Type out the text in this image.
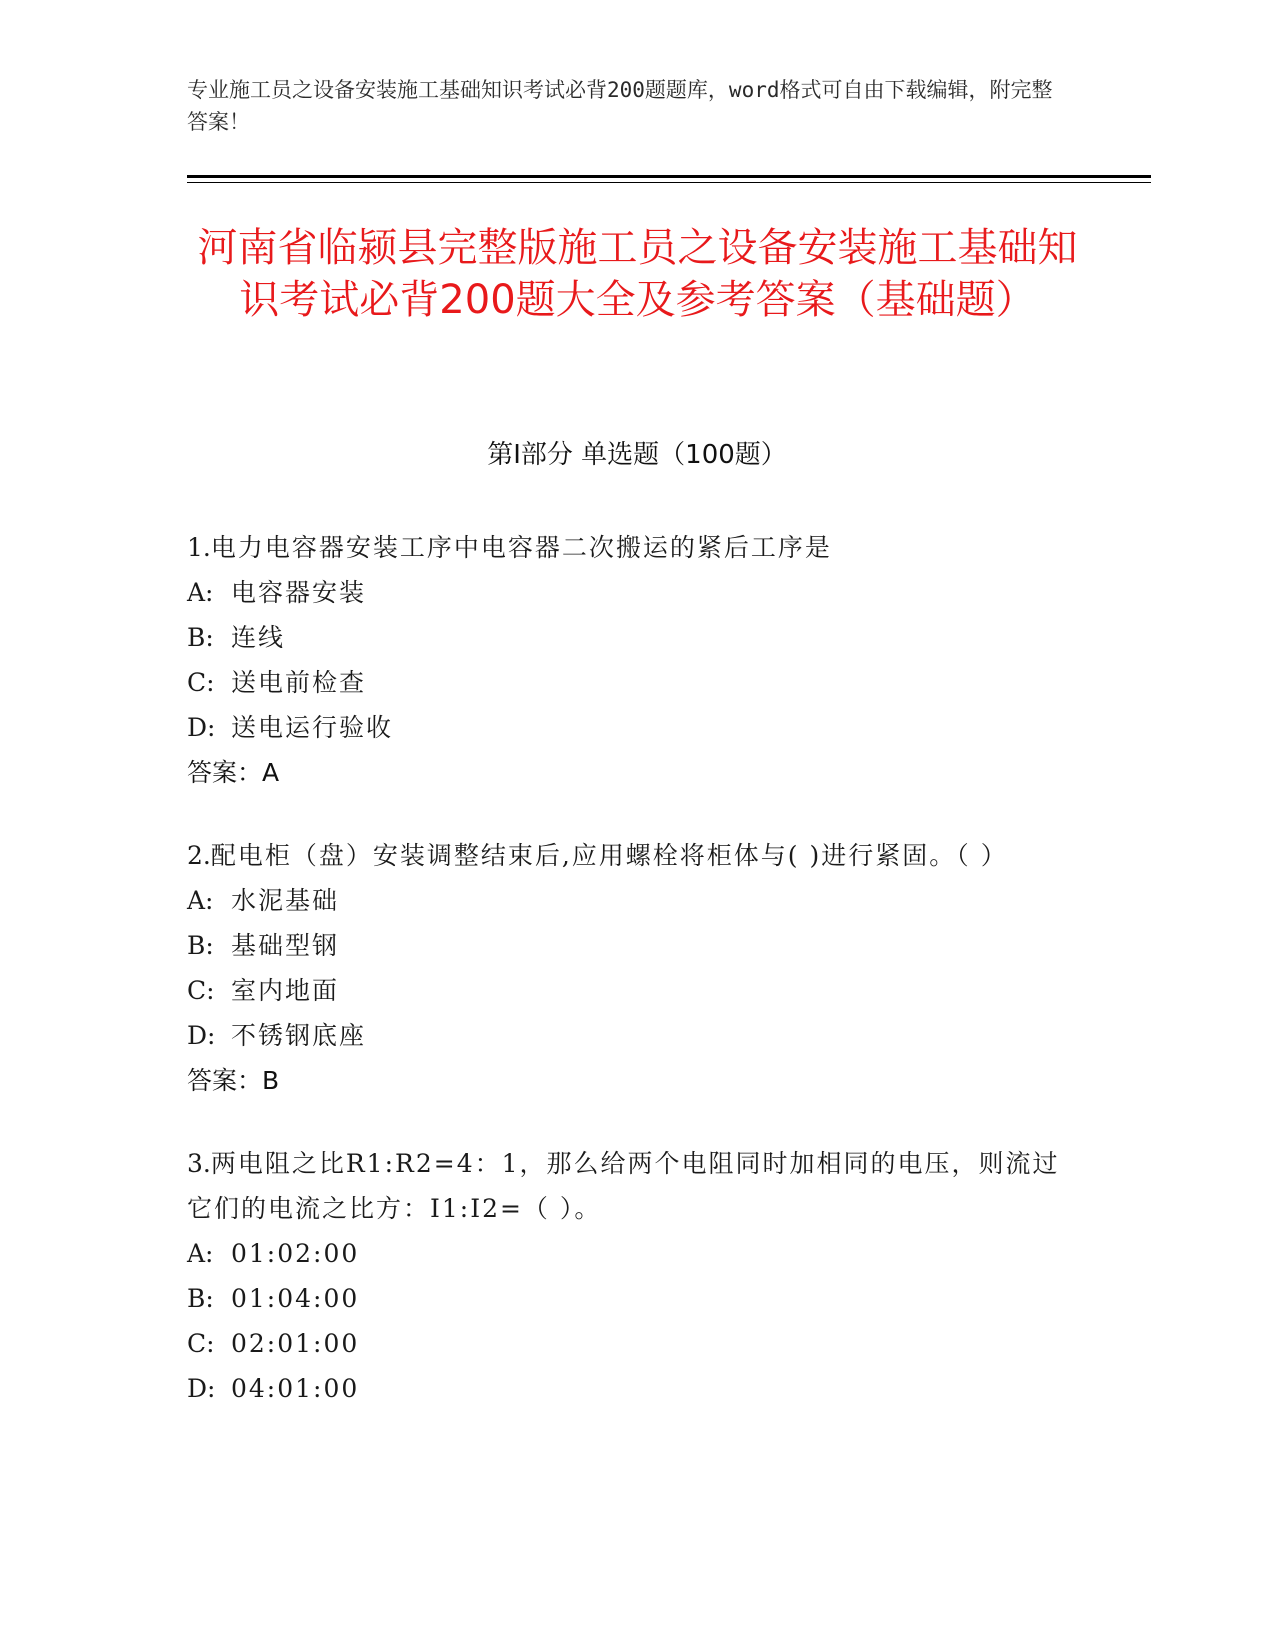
专业施工员之设备安装施工基础知识考试必背200题题库，word格式可自由下载编辑，附完整答案！
河南省临颍县完整版施工员之设备安装施工基础知识考试必背200题大全及参考答案（基础题）
第Ⅰ部分 单选题（100题）

1.电力电容器安装工序中电容器二次搬运的紧后工序是

A: 电容器安装

B: 连线

C: 送电前检查

D: 送电运行验收

答案：A

2.配电柜（盘）安装调整结束后,应用螺栓将柜体与( )进行紧固。（ ）

A: 水泥基础

B: 基础型钢

C: 室内地面

D: 不锈钢底座

答案：B

3.两电阻之比R1:R2=4：1，那么给两个电阻同时加相同的电压，则流过它们的电流之比方：I1:I2=（ ）。

A: 01:02:00

B: 01:04:00

C: 02:01:00

D: 04:01:00
